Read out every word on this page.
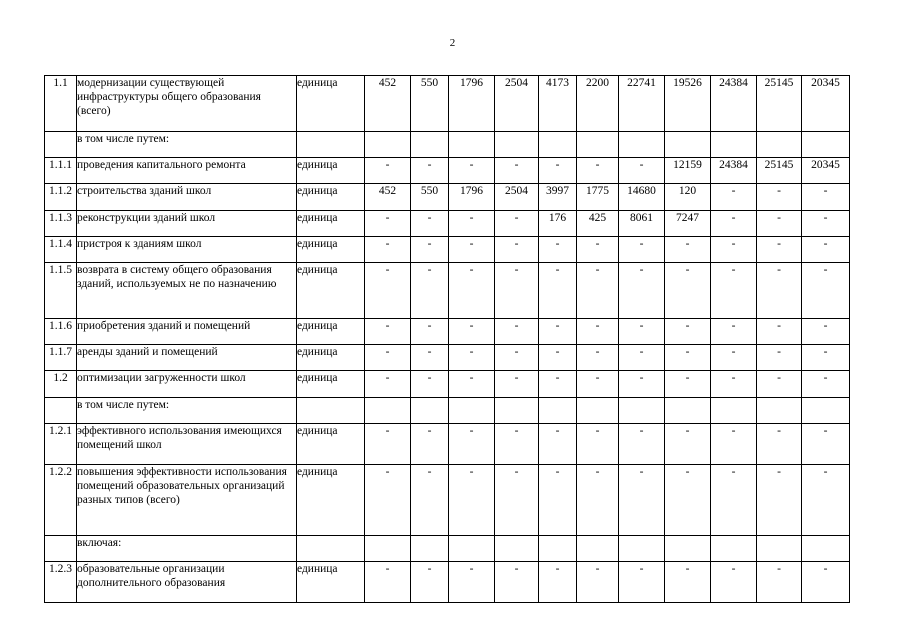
2
1.1	модернизации существующей инфраструктуры общего образования (всего)	единица	452	550	1796	2504	4173	2200	22741	19526	24384	25145	20345
	в том числе путем:												
1.1.1	проведения капитального ремонта	единица	-	-	-	-	-	-	-	12159	24384	25145	20345
1.1.2	строительства зданий школ	единица	452	550	1796	2504	3997	1775	14680	120	-	-	-
1.1.3	реконструкции зданий школ	единица	-	-	-	-	176	425	8061	7247	-	-	-
1.1.4	пристроя к зданиям школ	единица	-	-	-	-	-	-	-	-	-	-	-
1.1.5	возврата в систему общего образования зданий, используемых не по назначению	единица	-	-	-	-	-	-	-	-	-	-	-
1.1.6	приобретения зданий и помещений	единица	-	-	-	-	-	-	-	-	-	-	-
1.1.7	аренды зданий и помещений	единица	-	-	-	-	-	-	-	-	-	-	-
1.2	оптимизации загруженности школ	единица	-	-	-	-	-	-	-	-	-	-	-
	в том числе путем:												
1.2.1	эффективного использования имеющихся помещений школ	единица	-	-	-	-	-	-	-	-	-	-	-
1.2.2	повышения эффективности использования помещений образовательных организаций разных типов (всего)	единица	-	-	-	-	-	-	-	-	-	-	-
	включая:												
1.2.3	образовательные организации дополнительного образования	единица	-	-	-	-	-	-	-	-	-	-	-
